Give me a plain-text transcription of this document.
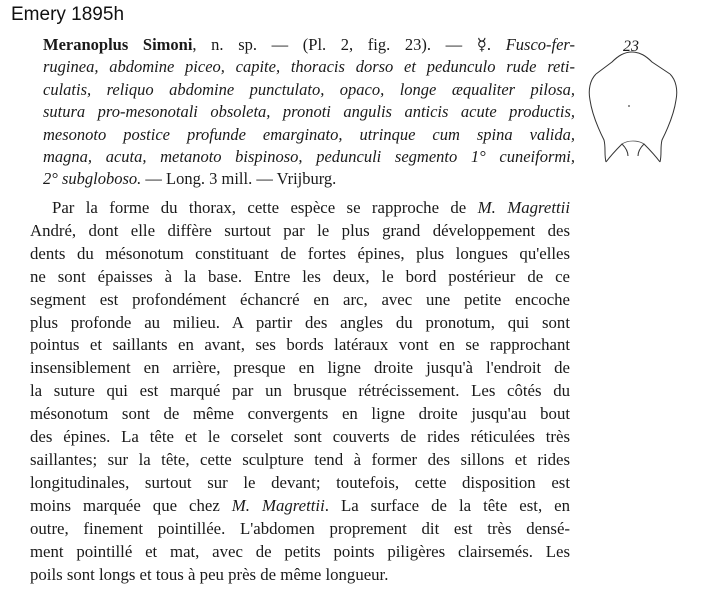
Emery 1895h
Meranoplus Simoni, n. sp. — (Pl. 2, fig. 23). — ☿. Fusco-fer-
ruginea, abdomine piceo, capite, thoracis dorso et pedunculo rude reti-
culatis, reliquo abdomine punctulato, opaco, longe æqualiter pilosa,
sutura pro-mesonotali obsoleta, pronoti angulis anticis acute productis,
mesonoto postice profunde emarginato, utrinque cum spina valida,
magna, acuta, metanoto bispinoso, pedunculi segmento 1° cuneiformi,
2° subgloboso. — Long. 3 mill. — Vrijburg.
23
Par la forme du thorax, cette espèce se rapproche de M. Magrettii
André, dont elle diffère surtout par le plus grand développement des
dents du mésonotum constituant de fortes épines, plus longues qu'elles
ne sont épaisses à la base. Entre les deux, le bord postérieur de ce
segment est profondément échancré en arc, avec une petite encoche
plus profonde au milieu. A partir des angles du pronotum, qui sont
pointus et saillants en avant, ses bords latéraux vont en se rapprochant
insensiblement en arrière, presque en ligne droite jusqu'à l'endroit de
la suture qui est marqué par un brusque rétrécissement. Les côtés du
mésonotum sont de même convergents en ligne droite jusqu'au bout
des épines. La tête et le corselet sont couverts de rides réticulées très
saillantes; sur la tête, cette sculpture tend à former des sillons et rides
longitudinales, surtout sur le devant; toutefois, cette disposition est
moins marquée que chez M. Magrettii. La surface de la tête est, en
outre, finement pointillée. L'abdomen proprement dit est très densé-
ment pointillé et mat, avec de petits points piligères clairsemés. Les
poils sont longs et tous à peu près de même longueur.
